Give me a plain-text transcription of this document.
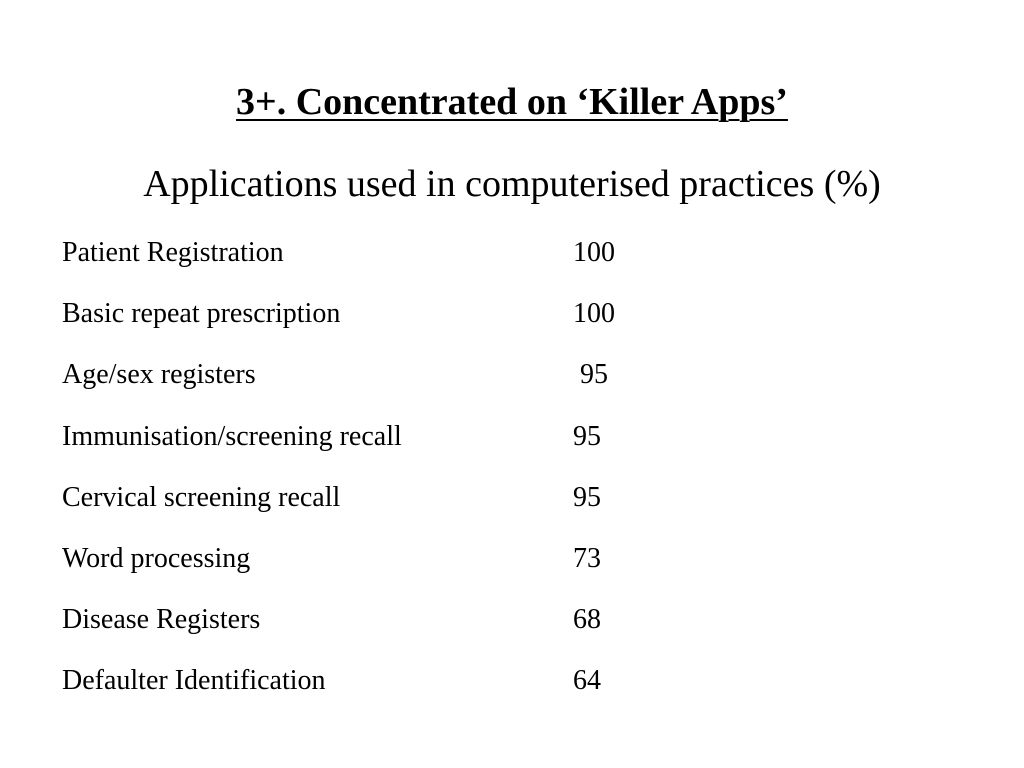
3+. Concentrated on ‘Killer Apps’
Applications used in computerised practices (%)
Patient Registration	100
Basic repeat prescription	100
Age/sex registers	95
Immunisation/screening recall	95
Cervical screening recall	95
Word processing	73
Disease Registers	68
Defaulter Identification	64
